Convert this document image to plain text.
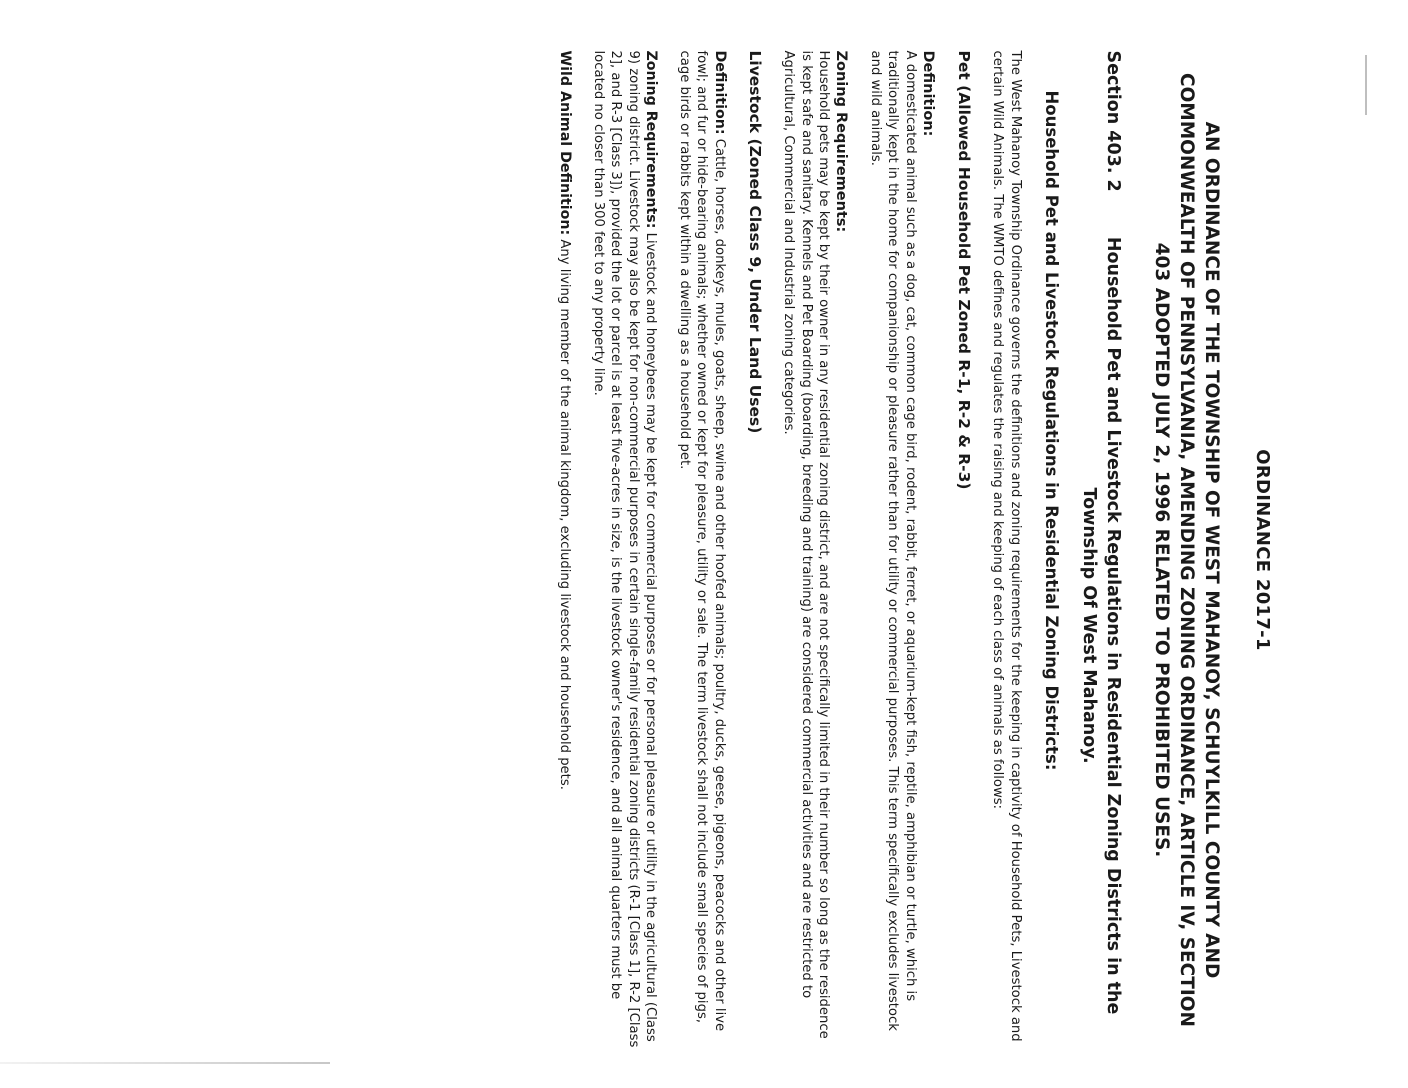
ORDINANCE 2017-1
AN ORDINANCE OF THE TOWNSHIP OF WEST MAHANOY, SCHUYLKILL COUNTY AND COMMONWEALTH OF PENNSYLVANIA, AMENDING ZONING ORDINANCE, ARTICLE IV, SECTION 403 ADOPTED JULY 2, 1996 RELATED TO PROHIBITED USES.
Section 403. 2
Household Pet and Livestock Regulations in Residential Zoning Districts in the Township Of West Mahanoy.
Household Pet and Livestock Regulations in Residential Zoning Districts:

The West Mahanoy Township Ordinance governs the definitions and zoning requirements for the keeping in captivity of Household Pets, Livestock and certain Wild Animals. The WMTO defines and regulates the raising and keeping of each class of animals as follows:

Pet (Allowed Household Pet Zoned R-1, R-2 & R-3)
Definition:

A domesticated animal such as a dog, cat, common cage bird, rodent, rabbit, ferret, or aquarium-kept fish, reptile, amphibian or turtle, which is traditionally kept in the home for companionship or pleasure rather than for utility or commercial purposes. This term specifically excludes livestock and wild animals.

Zoning Requirements:

Household pets may be kept by their owner in any residential zoning district, and are not specifically limited in their number so long as the residence is kept safe and sanitary. Kennels and Pet Boarding (boarding, breeding and training) are considered commercial activities and are restricted to Agricultural, Commercial and Industrial zoning categories.

Livestock (Zoned Class 9, Under Land Uses)

Definition: Cattle, horses, donkeys, mules, goats, sheep, swine and other hoofed animals; poultry, ducks, geese, pigeons, peacocks and other live fowl; and fur or hide-bearing animals; whether owned or kept for pleasure, utility or sale. The term livestock shall not include small species of pigs, cage birds or rabbits kept within a dwelling as a household pet.

Zoning Requirements: Livestock and honeybees may be kept for commercial purposes or for personal pleasure or utility in the agricultural (Class 9) zoning district. Livestock may also be kept for non-commercial purposes in certain single-family residential zoning districts (R-1 [Class 1], R-2 [Class 2], and R-3 [Class 3]), provided the lot or parcel is at least five-acres in size, is the livestock owner's residence, and all animal quarters must be located no closer than 300 feet to any property line.

Wild Animal Definition: Any living member of the animal kingdom, excluding livestock and household pets.
